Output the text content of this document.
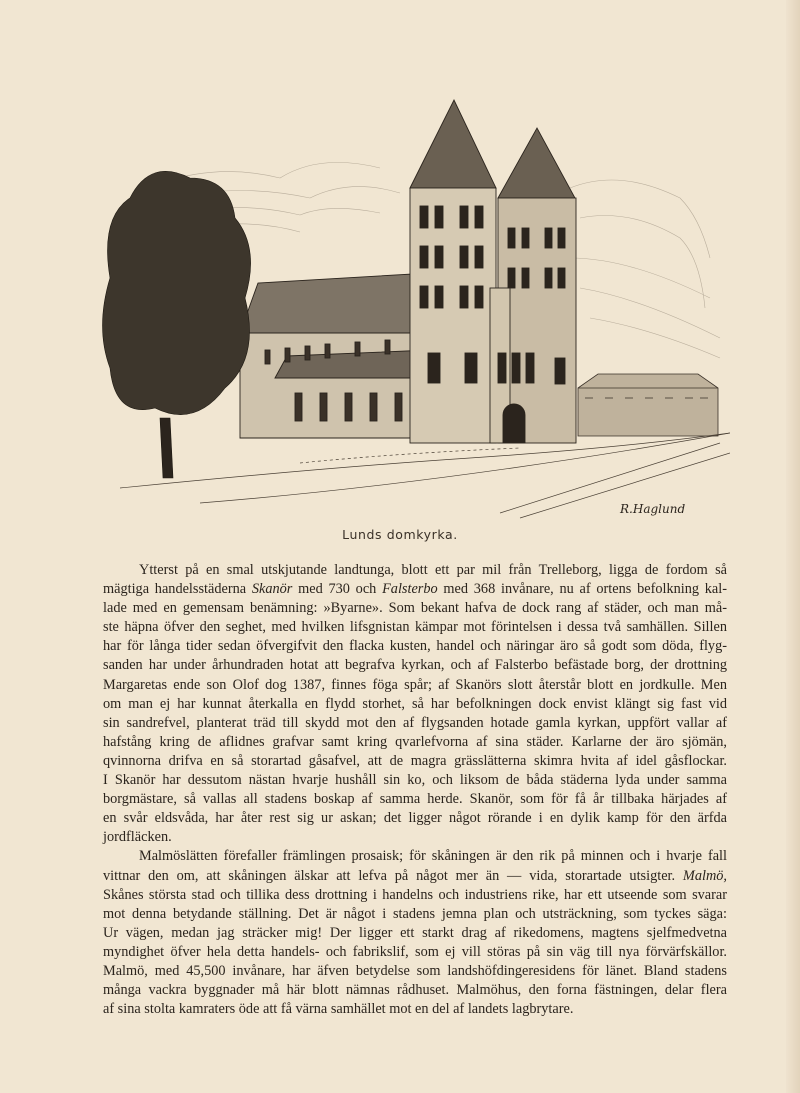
R.Haglund
Lunds domkyrka.
Ytterst på en smal utskjutande landtunga, blott ett par mil från Trelleborg, ligga de fordom så
mägtiga handelsstäderna Skanör med 730 och Falsterbo med 368 invånare, nu af ortens befolkning kal-
lade med en gemensam benämning: »Byarne». Som bekant hafva de dock rang af städer, och man må-
ste häpna öfver den seghet, med hvilken lifsgnistan kämpar mot förintelsen i dessa två samhällen. Sillen
har för långa tider sedan öfvergifvit den flacka kusten, handel och näringar äro så godt som döda, flyg-
sanden har under århundraden hotat att begrafva kyrkan, och af Falsterbo befästade borg, der drottning
Margaretas ende son Olof dog 1387, finnes föga spår; af Skanörs slott återstår blott en jordkulle. Men
om man ej har kunnat återkalla en flydd storhet, så har befolkningen dock envist klängt sig fast vid
sin sandrefvel, planterat träd till skydd mot den af flygsanden hotade gamla kyrkan, uppfört vallar af
hafstång kring de aflidnes grafvar samt kring qvarlefvorna af sina städer. Karlarne der äro sjömän,
qvinnorna drifva en så storartad gåsafvel, att de magra grässlätterna skimra hvita af idel gåsflockar.
I Skanör har dessutom nästan hvarje hushåll sin ko, och liksom de båda städerna lyda under samma
borgmästare, så vallas all stadens boskap af samma herde. Skanör, som för få år tillbaka härjades af
en svår eldsvåda, har åter rest sig ur askan; det ligger något rörande i en dylik kamp för den ärfda
jordfläcken.
Malmöslätten förefaller främlingen prosaisk; för skåningen är den rik på minnen och i hvarje fall
vittnar den om, att skåningen älskar att lefva på något mer än — vida, storartade utsigter. Malmö,
Skånes största stad och tillika dess drottning i handelns och industriens rike, har ett utseende som svarar
mot denna betydande ställning. Det är något i stadens jemna plan och utsträckning, som tyckes säga:
Ur vägen, medan jag sträcker mig! Der ligger ett starkt drag af rikedomens, magtens sjelfmedvetna
myndighet öfver hela detta handels- och fabrikslif, som ej vill störas på sin väg till nya förvärfskällor.
Malmö, med 45,500 invånare, har äfven betydelse som landshöfdingeresidens för länet. Bland stadens
många vackra byggnader må här blott nämnas rådhuset. Malmöhus, den forna fästningen, delar flera
af sina stolta kamraters öde att få värna samhället mot en del af landets lagbrytare.
